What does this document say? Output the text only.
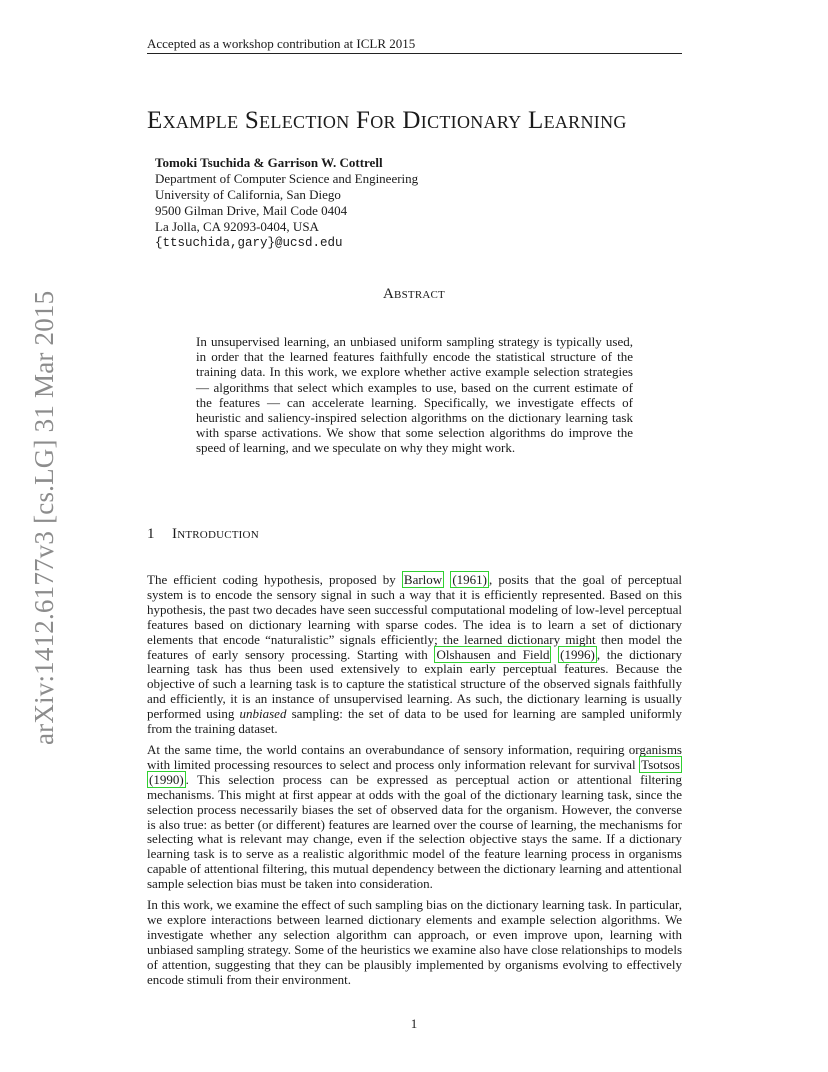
Accepted as a workshop contribution at ICLR 2015
arXiv:1412.6177v3 [cs.LG] 31 Mar 2015
Example Selection For Dictionary Learning
Tomoki Tsuchida & Garrison W. Cottrell
Department of Computer Science and Engineering
University of California, San Diego
9500 Gilman Drive, Mail Code 0404
La Jolla, CA 92093-0404, USA
{ttsuchida,gary}@ucsd.edu
Abstract
In unsupervised learning, an unbiased uniform sampling strategy is typically used, in order that the learned features faithfully encode the statistical structure of the training data. In this work, we explore whether active example selection strategies — algorithms that select which examples to use, based on the current estimate of the features — can accelerate learning. Specifically, we investigate effects of heuristic and saliency-inspired selection algorithms on the dictionary learning task with sparse activations. We show that some selection algorithms do improve the speed of learning, and we speculate on why they might work.
1 Introduction

The efficient coding hypothesis, proposed by Barlow (1961) , posits that the goal of perceptual system is to encode the sensory signal in such a way that it is efficiently represented. Based on this hypothesis, the past two decades have seen successful computational modeling of low-level perceptual features based on dictionary learning with sparse codes. The idea is to learn a set of dictionary elements that encode “naturalistic” signals efficiently; the learned dictionary might then model the features of early sensory processing. Starting with Olshausen and Field (1996) , the dictionary learning task has thus been used extensively to explain early perceptual features. Because the objective of such a learning task is to capture the statistical structure of the observed signals faithfully and efficiently, it is an instance of unsupervised learning. As such, the dictionary learning is usually performed using unbiased sampling: the set of data to be used for learning are sampled uniformly from the training dataset.

At the same time, the world contains an overabundance of sensory information, requiring organisms with limited processing resources to select and process only information relevant for survival Tsotsos (1990) . This selection process can be expressed as perceptual action or attentional filtering mechanisms. This might at first appear at odds with the goal of the dictionary learning task, since the selection process necessarily biases the set of observed data for the organism. However, the converse is also true: as better (or different) features are learned over the course of learning, the mechanisms for selecting what is relevant may change, even if the selection objective stays the same. If a dictionary learning task is to serve as a realistic algorithmic model of the feature learning process in organisms capable of attentional filtering, this mutual dependency between the dictionary learning and attentional sample selection bias must be taken into consideration.

In this work, we examine the effect of such sampling bias on the dictionary learning task. In particular, we explore interactions between learned dictionary elements and example selection algorithms. We investigate whether any selection algorithm can approach, or even improve upon, learning with unbiased sampling strategy. Some of the heuristics we examine also have close relationships to models of attention, suggesting that they can be plausibly implemented by organisms evolving to effectively encode stimuli from their environment.

1
